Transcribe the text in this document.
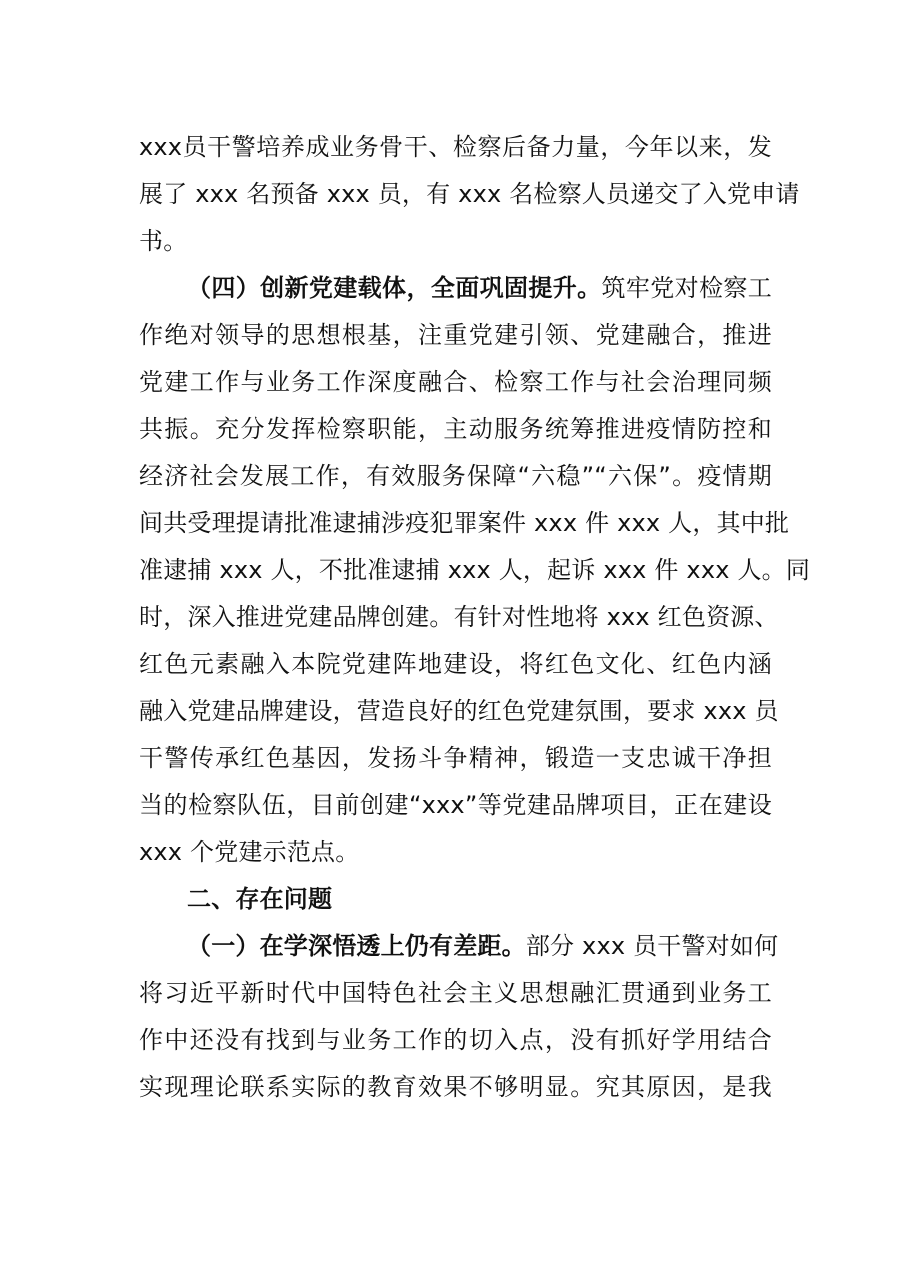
xxx员干警培养成业务骨干、检察后备力量，今年以来，发
展了 xxx 名预备 xxx 员，有 xxx 名检察人员递交了入党申请
书。
（四）创新党建载体，全面巩固提升。筑牢党对检察工
作绝对领导的思想根基，注重党建引领、党建融合，推进
党建工作与业务工作深度融合、检察工作与社会治理同频
共振。充分发挥检察职能，主动服务统筹推进疫情防控和
经济社会发展工作，有效服务保障“六稳”“六保”。疫情期
间共受理提请批准逮捕涉疫犯罪案件 xxx 件 xxx 人，其中批
准逮捕 xxx 人，不批准逮捕 xxx 人，起诉 xxx 件 xxx 人。同
时，深入推进党建品牌创建。有针对性地将 xxx 红色资源、
红色元素融入本院党建阵地建设，将红色文化、红色内涵
融入党建品牌建设，营造良好的红色党建氛围，要求 xxx 员
干警传承红色基因，发扬斗争精神，锻造一支忠诚干净担
当的检察队伍，目前创建“xxx”等党建品牌项目，正在建设
xxx 个党建示范点。
二、存在问题
（一）在学深悟透上仍有差距。部分 xxx 员干警对如何
将习近平新时代中国特色社会主义思想融汇贯通到业务工
作中还没有找到与业务工作的切入点，没有抓好学用结合
实现理论联系实际的教育效果不够明显。究其原因，是我
